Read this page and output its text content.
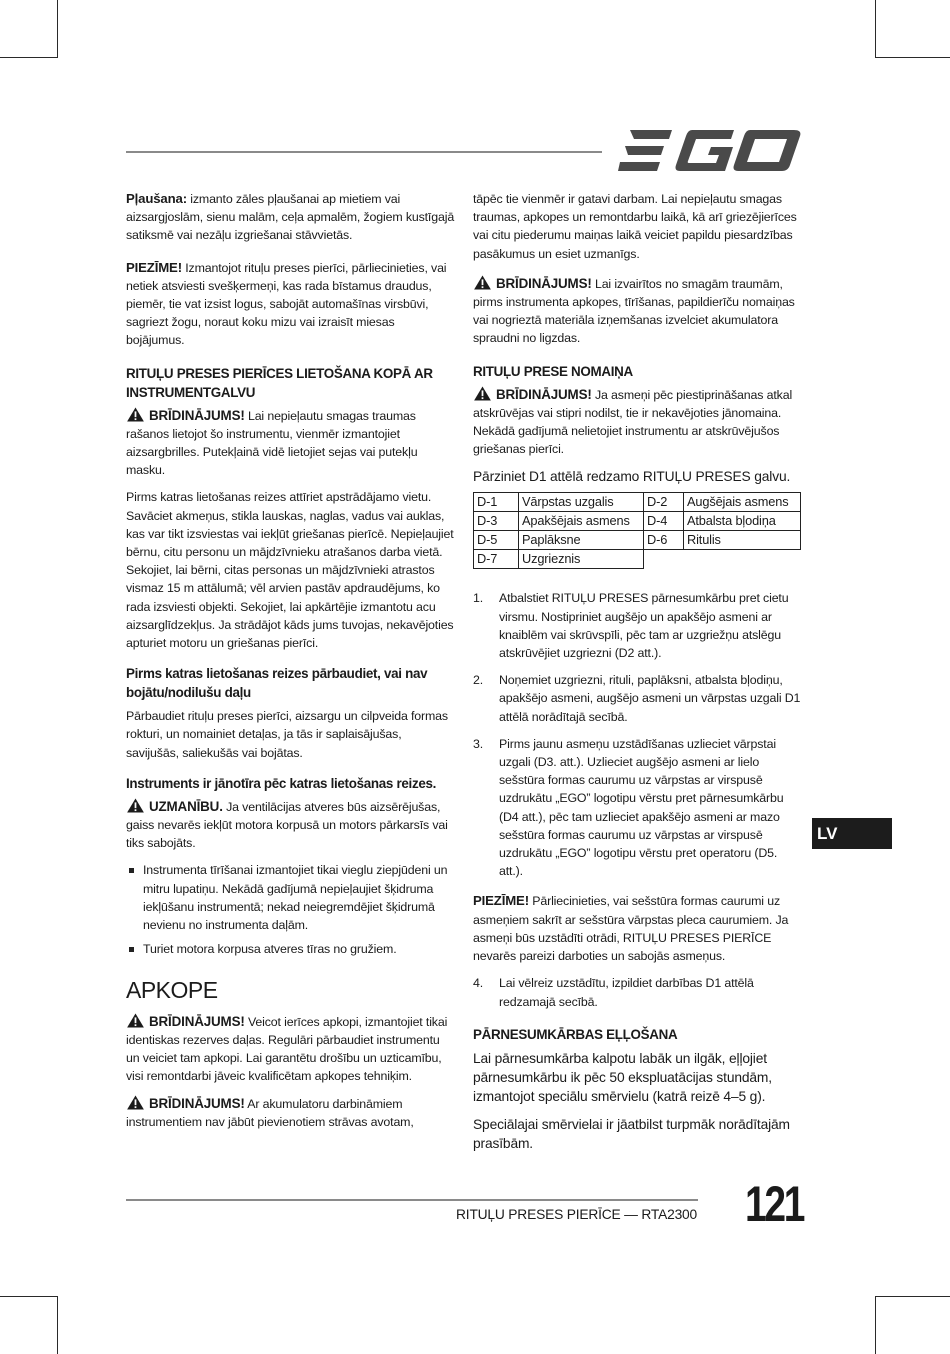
Pļaušana: izmanto zāles pļaušanai ap mietiem vai aizsargjoslām, sienu malām, ceļa apmalēm, žogiem kustīgajā satiksmē vai nezāļu izgriešanai stāvvietās.

PIEZĪME! Izmantojot rituļu preses pierīci, pārliecinieties, vai netiek atsviesti svešķermeņi, kas rada bīstamus draudus, piemēr, tie vat izsist logus, sabojāt automašīnas virsbūvi, sagriezt žogu, noraut koku mizu vai izraisīt miesas bojājumus.

RITUĻU PRESES PIERĪCES LIETOŠANA KOPĀ AR INSTRUMENTGALVU

BRĪDINĀJUMS! Lai nepieļautu smagas traumas rašanos lietojot šo instrumentu, vienmēr izmantojiet aizsargbrilles. Putekļainā vidē lietojiet sejas vai putekļu masku.

Pirms katras lietošanas reizes attīriet apstrādājamo vietu. Savāciet akmeņus, stikla lauskas, naglas, vadus vai auklas, kas var tikt izsviestas vai iekļūt griešanas pierīcē. Nepieļaujiet bērnu, citu personu un mājdzīvnieku atrašanos darba vietā. Sekojiet, lai bērni, citas personas un mājdzīvnieki atrastos vismaz 15 m attālumā; vēl arvien pastāv apdraudējums, ko rada izsviesti objekti. Sekojiet, lai apkārtējie izmantotu acu aizsarglīdzekļus. Ja strādājot kāds jums tuvojas, nekavējoties apturiet motoru un griešanas pierīci.

Pirms katras lietošanas reizes pārbaudiet, vai nav bojātu/nodilušu daļu

Pārbaudiet rituļu preses pierīci, aizsargu un cilpveida formas rokturi, un nomainiet detaļas, ja tās ir saplaisājušas, savijušās, saliekušās vai bojātas.

Instruments ir jānotīra pēc katras lietošanas reizes.

UZMANĪBU. Ja ventilācijas atveres būs aizsērējušas, gaiss nevarēs iekļūt motora korpusā un motors pārkarsīs vai tiks sabojāts.

Instrumenta tīrīšanai izmantojiet tikai vieglu ziepjūdeni un mitru lupatiņu. Nekādā gadījumā nepieļaujiet šķidruma iekļūšanu instrumentā; nekad neiegremdējiet šķidrumā nevienu no instrumenta daļām.
Turiet motora korpusa atveres tīras no gružiem.
APKOPE

BRĪDINĀJUMS! Veicot ierīces apkopi, izmantojiet tikai identiskas rezerves daļas. Regulāri pārbaudiet instrumentu un veiciet tam apkopi. Lai garantētu drošību un uzticamību, visi remontdarbi jāveic kvalificētam apkopes tehniķim.

BRĪDINĀJUMS! Ar akumulatoru darbināmiem instrumentiem nav jābūt pievienotiem strāvas avotam,

tāpēc tie vienmēr ir gatavi darbam. Lai nepieļautu smagas traumas, apkopes un remontdarbu laikā, kā arī griezējierīces vai citu piederumu maiņas laikā veiciet papildu piesardzības pasākumus un esiet uzmanīgs.

BRĪDINĀJUMS! Lai izvairītos no smagām traumām, pirms instrumenta apkopes, tīrīšanas, papildierīču nomaiņas vai nogrieztā materiāla izņemšanas izvelciet akumulatora spraudni no ligzdas.

RITUĻU PRESE NOMAIŅA

BRĪDINĀJUMS! Ja asmeņi pēc piestiprināšanas atkal atskrūvējas vai stipri nodilst, tie ir nekavējoties jānomaina. Nekādā gadījumā nelietojiet instrumentu ar atskrūvējušos griešanas pierīci.

Pārziniet D1 attēlā redzamo RITUĻU PRESES galvu.

D-1	Vārpstas uzgalis	D-2	Augšējais asmens
D-3	Apakšējais asmens	D-4	Atbalsta bļodiņa
D-5	Paplāksne	D-6	Ritulis
D-7	Uzgrieznis		
1. Atbalstiet RITUĻU PRESES pārnesumkārbu pret cietu virsmu. Nostipriniet augšējo un apakšējo asmeni ar knaiblēm vai skrūvspīli, pēc tam ar uzgriežņu atslēgu atskrūvējiet uzgriezni (D2 att.).
2. Noņemiet uzgriezni, rituli, paplāksni, atbalsta bļodiņu, apakšējo asmeni, augšējo asmeni un vārpstas uzgali D1 attēlā norādītajā secībā.
3. Pirms jaunu asmeņu uzstādīšanas uzlieciet vārpstai uzgali (D3. att.). Uzlieciet augšējo asmeni ar lielo sešstūra formas caurumu uz vārpstas ar virspusē uzdrukātu „EGO” logotipu vērstu pret pārnesumkārbu (D4 att.), pēc tam uzlieciet apakšējo asmeni ar mazo sešstūra formas caurumu uz vārpstas ar virspusē uzdrukātu „EGO” logotipu vērstu pret operatoru (D5. att.).

PIEZĪME! Pārliecinieties, vai sešstūra formas caurumi uz asmeņiem sakrīt ar sešstūra vārpstas pleca caurumiem. Ja asmeņi būs uzstādīti otrādi, RITUĻU PRESES PIERĪCE nevarēs pareizi darboties un sabojās asmeņus.

4. Lai vēlreiz uzstādītu, izpildiet darbības D1 attēlā redzamajā secībā.
PĀRNESUMKĀRBAS EĻĻOŠANA

Lai pārnesumkārba kalpotu labāk un ilgāk, eļļojiet pārnesumkārbu ik pēc 50 ekspluatācijas stundām, izmantojot speciālu smērvielu (katrā reizē 4–5 g).

Speciālajai smērvielai ir jāatbilst turpmāk norādītajām prasībām.

LV
RITUĻU PRESES PIERĪCE — RTA2300 121
